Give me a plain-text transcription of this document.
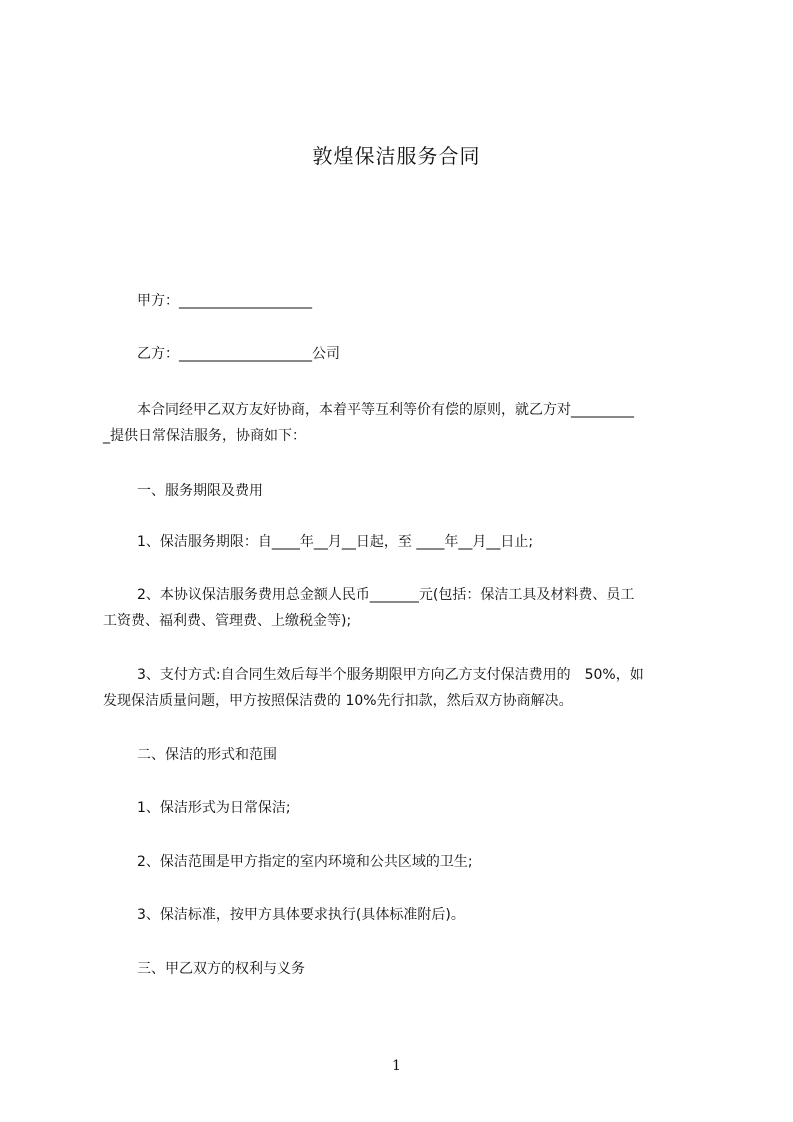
敦煌保洁服务合同
甲方：___________________
乙方：___________________公司
本合同经甲乙双方友好协商，本着平等互利等价有偿的原则，就乙方对_________
_提供日常保洁服务，协商如下：
一、服务期限及费用
1、保洁服务期限：自____年__月__日起，至 ____年__月__日止;
2、本协议保洁服务费用总金额人民币_______元(包括：保洁工具及材料费、员工
工资费、福利费、管理费、上缴税金等);
3、支付方式:自合同生效后每半个服务期限甲方向乙方支付保洁费用的　50%，如
发现保洁质量问题，甲方按照保洁费的 10%先行扣款，然后双方协商解决。
二、保洁的形式和范围
1、保洁形式为日常保洁;
2、保洁范围是甲方指定的室内环境和公共区域的卫生;
3、保洁标准，按甲方具体要求执行(具体标准附后)。
三、甲乙双方的权利与义务
1
